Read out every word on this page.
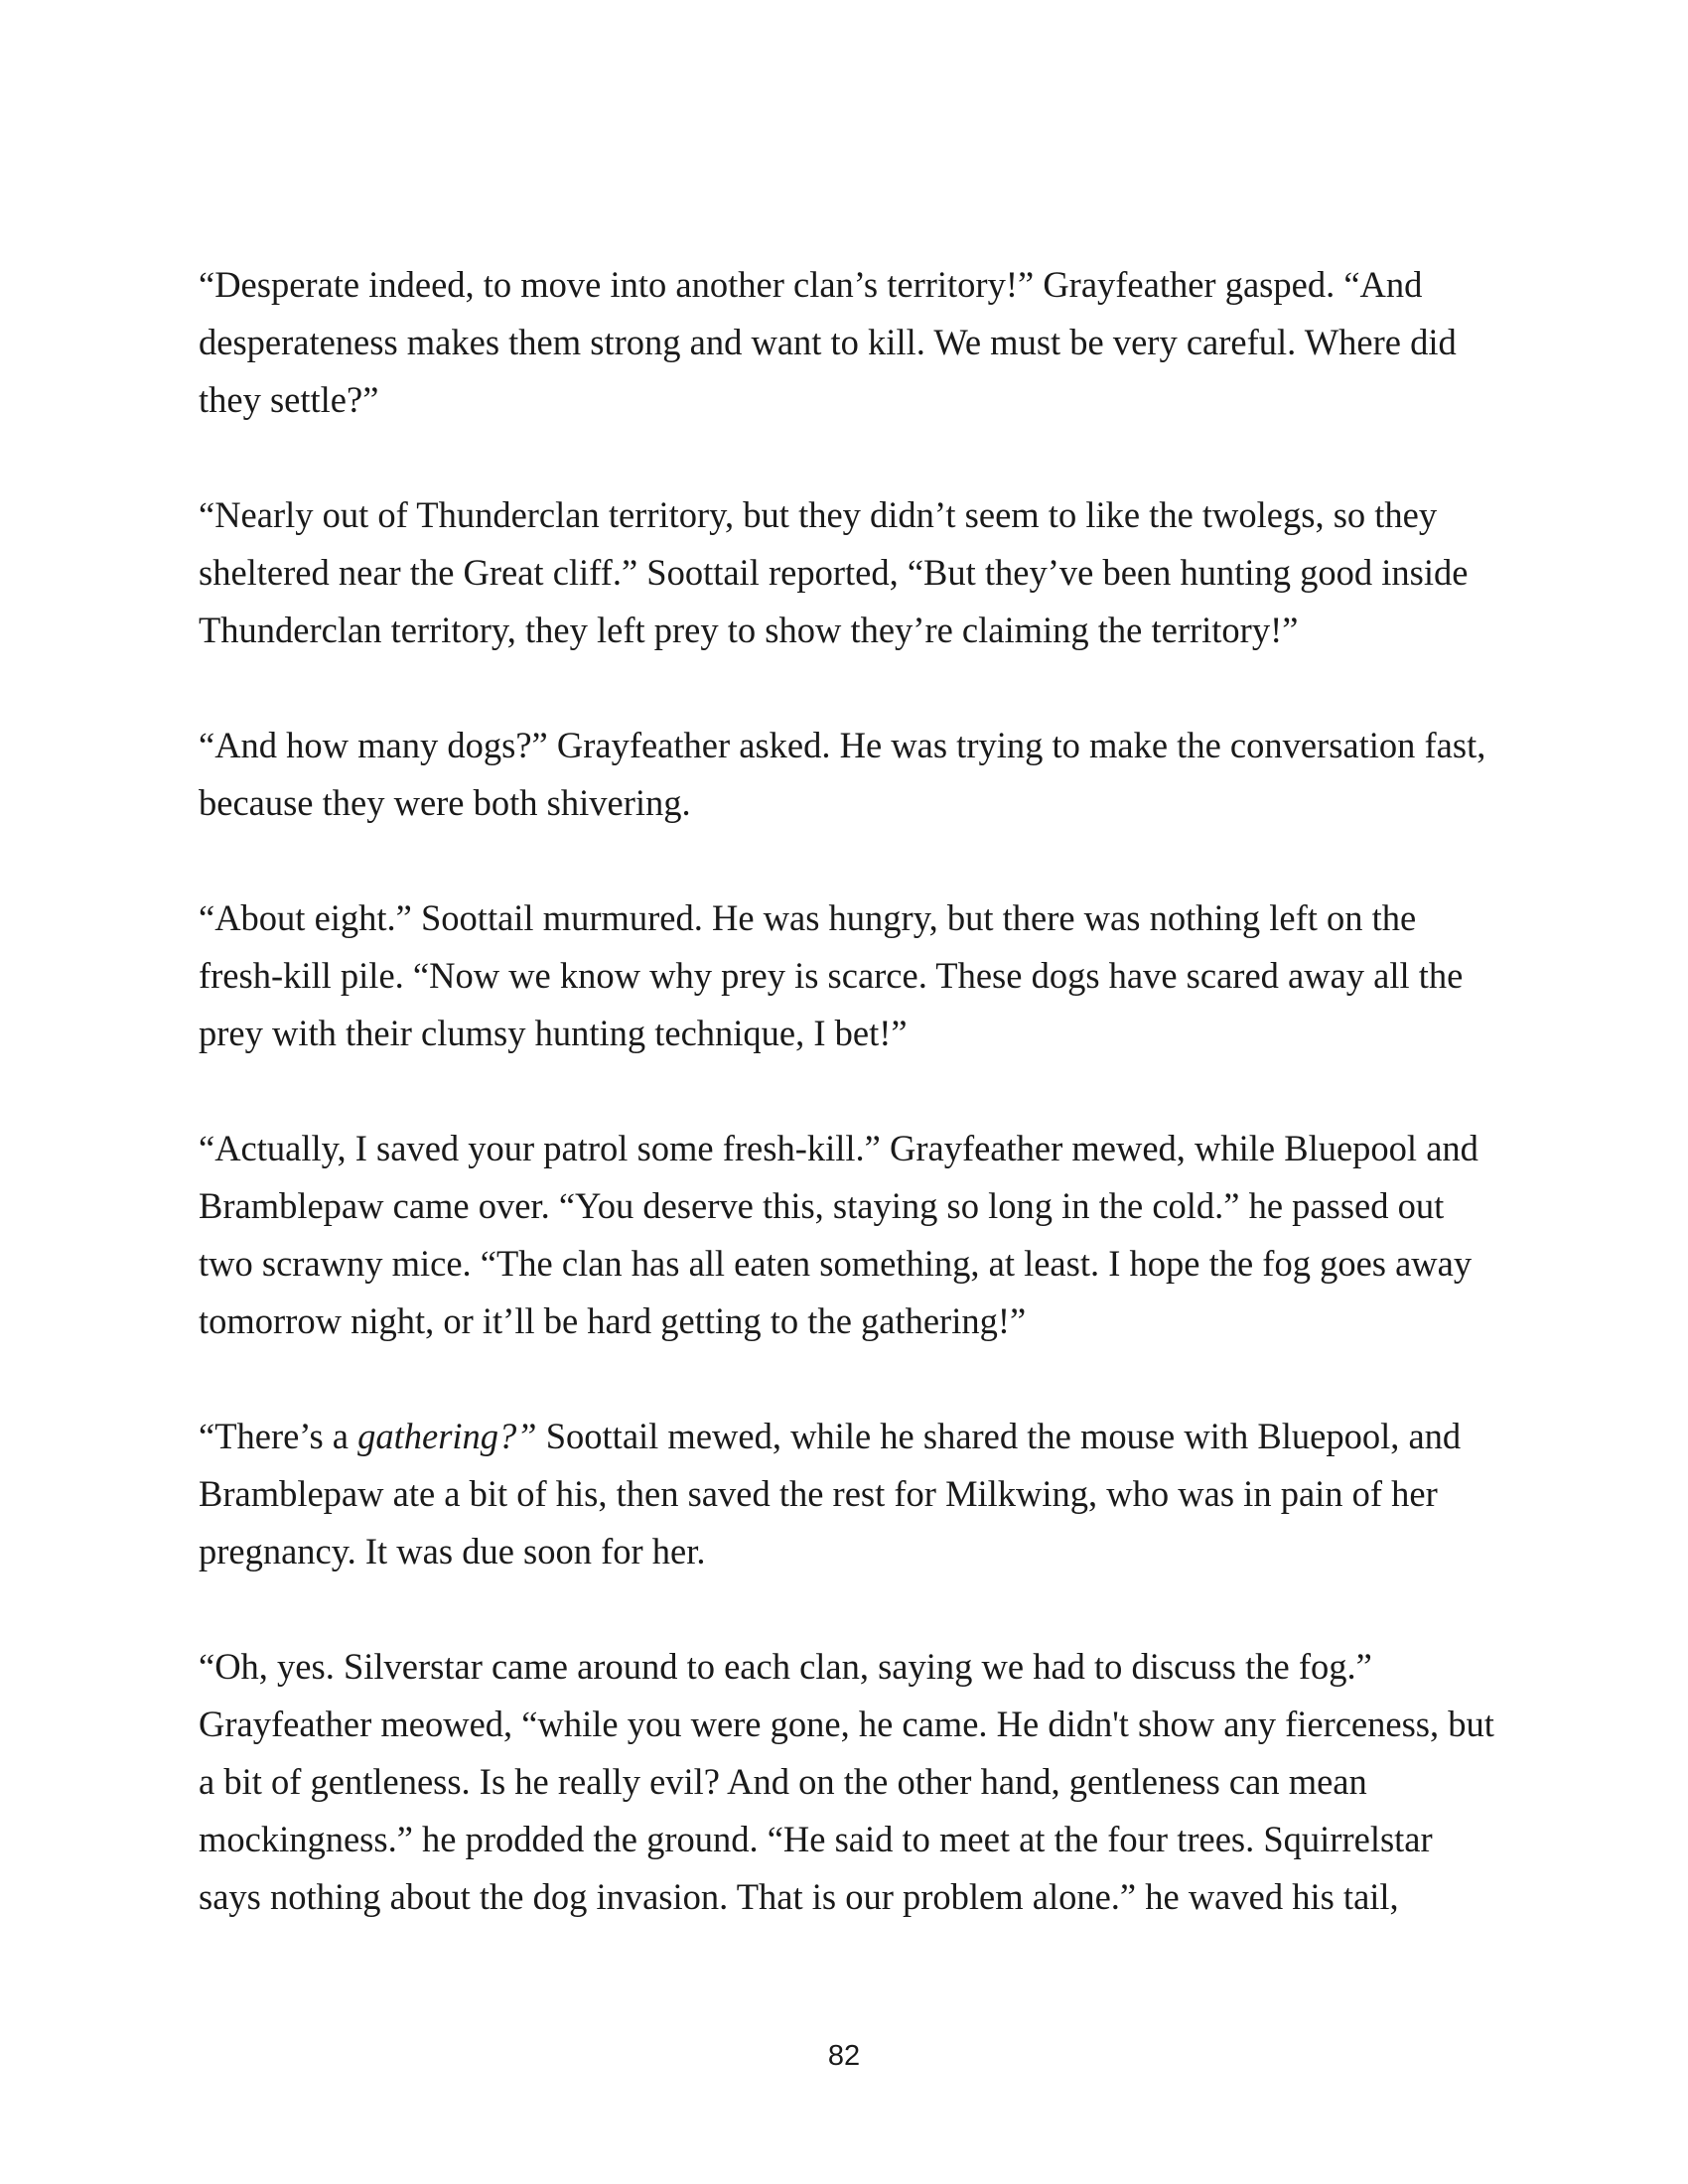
“Desperate indeed, to move into another clan’s territory!” Grayfeather gasped. “And desperateness makes them strong and want to kill. We must be very careful. Where did they settle?”

“Nearly out of Thunderclan territory, but they didn’t seem to like the twolegs, so they sheltered near the Great cliff.” Soottail reported, “But they’ve been hunting good inside Thunderclan territory, they left prey to show they’re claiming the territory!”

“And how many dogs?” Grayfeather asked. He was trying to make the conversation fast, because they were both shivering.

“About eight.” Soottail murmured. He was hungry, but there was nothing left on the fresh-kill pile. “Now we know why prey is scarce. These dogs have scared away all the prey with their clumsy hunting technique, I bet!”

“Actually, I saved your patrol some fresh-kill.” Grayfeather mewed, while Bluepool and Bramblepaw came over. “You deserve this, staying so long in the cold.” he passed out two scrawny mice. “The clan has all eaten something, at least. I hope the fog goes away tomorrow night, or it’ll be hard getting to the gathering!”

“There’s a gathering?” Soottail mewed, while he shared the mouse with Bluepool, and Bramblepaw ate a bit of his, then saved the rest for Milkwing, who was in pain of her pregnancy. It was due soon for her.

“Oh, yes. Silverstar came around to each clan, saying we had to discuss the fog.” Grayfeather meowed, “while you were gone, he came. He didn't show any fierceness, but a bit of gentleness. Is he really evil? And on the other hand, gentleness can mean mockingness.” he prodded the ground. “He said to meet at the four trees. Squirrelstar says nothing about the dog invasion. That is our problem alone.” he waved his tail,

82
